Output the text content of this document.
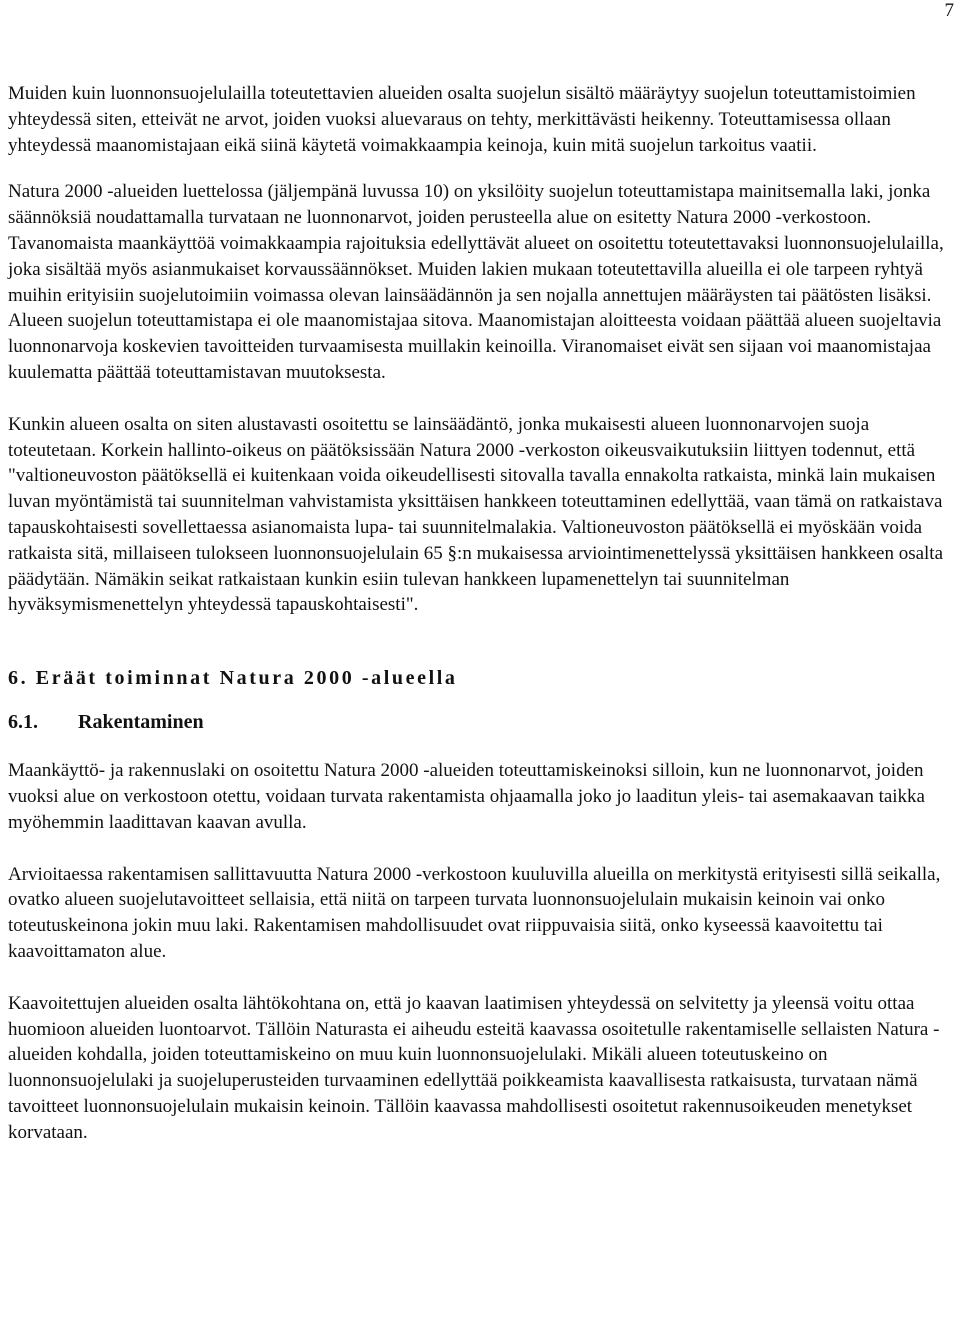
7

Muiden kuin luonnonsuojelulailla toteutettavien alueiden osalta suojelun sisältö määräytyy suojelun toteuttamistoimien yhteydessä siten, etteivät ne arvot, joiden vuoksi aluevaraus on tehty, merkittävästi heikenny. Toteuttamisessa ollaan yhteydessä maanomistajaan eikä siinä käytetä voimakkaampia keinoja, kuin mitä suojelun tarkoitus vaatii.

Natura 2000 -alueiden luettelossa (jäljempänä luvussa 10) on yksilöity suojelun toteuttamistapa mainitsemalla laki, jonka säännöksiä noudattamalla turvataan ne luonnonarvot, joiden perusteella alue on esitetty Natura 2000 -verkostoon. Tavanomaista maankäyttöä voimakkaampia rajoituksia edellyttävät alueet on osoitettu toteutettavaksi luonnonsuojelulailla, joka sisältää myös asianmukaiset korvaussäännökset. Muiden lakien mukaan toteutettavilla alueilla ei ole tarpeen ryhtyä muihin erityisiin suojelutoimiin voimassa olevan lainsäädännön ja sen nojalla annettujen määräysten tai päätösten lisäksi. Alueen suojelun toteuttamistapa ei ole maanomistajaa sitova. Maanomistajan aloitteesta voidaan päättää alueen suojeltavia luonnonarvoja koskevien tavoitteiden turvaamisesta muillakin keinoilla. Viranomaiset eivät sen sijaan voi maanomistajaa kuulematta päättää toteuttamistavan muutoksesta.

Kunkin alueen osalta on siten alustavasti osoitettu se lainsäädäntö, jonka mukaisesti alueen luonnonarvojen suoja toteutetaan. Korkein hallinto-oikeus on päätöksissään Natura 2000 -verkoston oikeusvaikutuksiin liittyen todennut, että "valtioneuvoston päätöksellä ei kuitenkaan voida oikeudellisesti sitovalla tavalla ennakolta ratkaista, minkä lain mukaisen luvan myöntämistä tai suunnitelman vahvistamista yksittäisen hankkeen toteuttaminen edellyttää, vaan tämä on ratkaistava tapauskohtaisesti sovellettaessa asianomaista lupa- tai suunnitelmalakia. Valtioneuvoston päätöksellä ei myöskään voida ratkaista sitä, millaiseen tulokseen luonnonsuojelulain 65 §:n mukaisessa arviointimenettelyssä yksittäisen hankkeen osalta päädytään. Nämäkin seikat ratkaistaan kunkin esiin tulevan hankkeen lupamenettelyn tai suunnitelman hyväksymismenettelyn yhteydessä tapauskohtaisesti".

6. Eräät toiminnat Natura 2000 -alueella
6.1. Rakentaminen

Maankäyttö- ja rakennuslaki on osoitettu Natura 2000 -alueiden toteuttamiskeinoksi silloin, kun ne luonnonarvot, joiden vuoksi alue on verkostoon otettu, voidaan turvata rakentamista ohjaamalla joko jo laaditun yleis- tai asemakaavan taikka myöhemmin laadittavan kaavan avulla.

Arvioitaessa rakentamisen sallittavuutta Natura 2000 -verkostoon kuuluvilla alueilla on merkitystä erityisesti sillä seikalla, ovatko alueen suojelutavoitteet sellaisia, että niitä on tarpeen turvata luonnonsuojelulain mukaisin keinoin vai onko toteutuskeinona jokin muu laki. Rakentamisen mahdollisuudet ovat riippuvaisia siitä, onko kyseessä kaavoitettu tai kaavoittamaton alue.

Kaavoitettujen alueiden osalta lähtökohtana on, että jo kaavan laatimisen yhteydessä on selvitetty ja yleensä voitu ottaa huomioon alueiden luontoarvot. Tällöin Naturasta ei aiheudu esteitä kaavassa osoitetulle rakentamiselle sellaisten Natura -alueiden kohdalla, joiden toteuttamiskeino on muu kuin luonnonsuojelulaki. Mikäli alueen toteutuskeino on luonnonsuojelulaki ja suojeluperusteiden turvaaminen edellyttää poikkeamista kaavallisesta ratkaisusta, turvataan nämä tavoitteet luonnonsuojelulain mukaisin keinoin. Tällöin kaavassa mahdollisesti osoitetut rakennusoikeuden menetykset korvataan.
